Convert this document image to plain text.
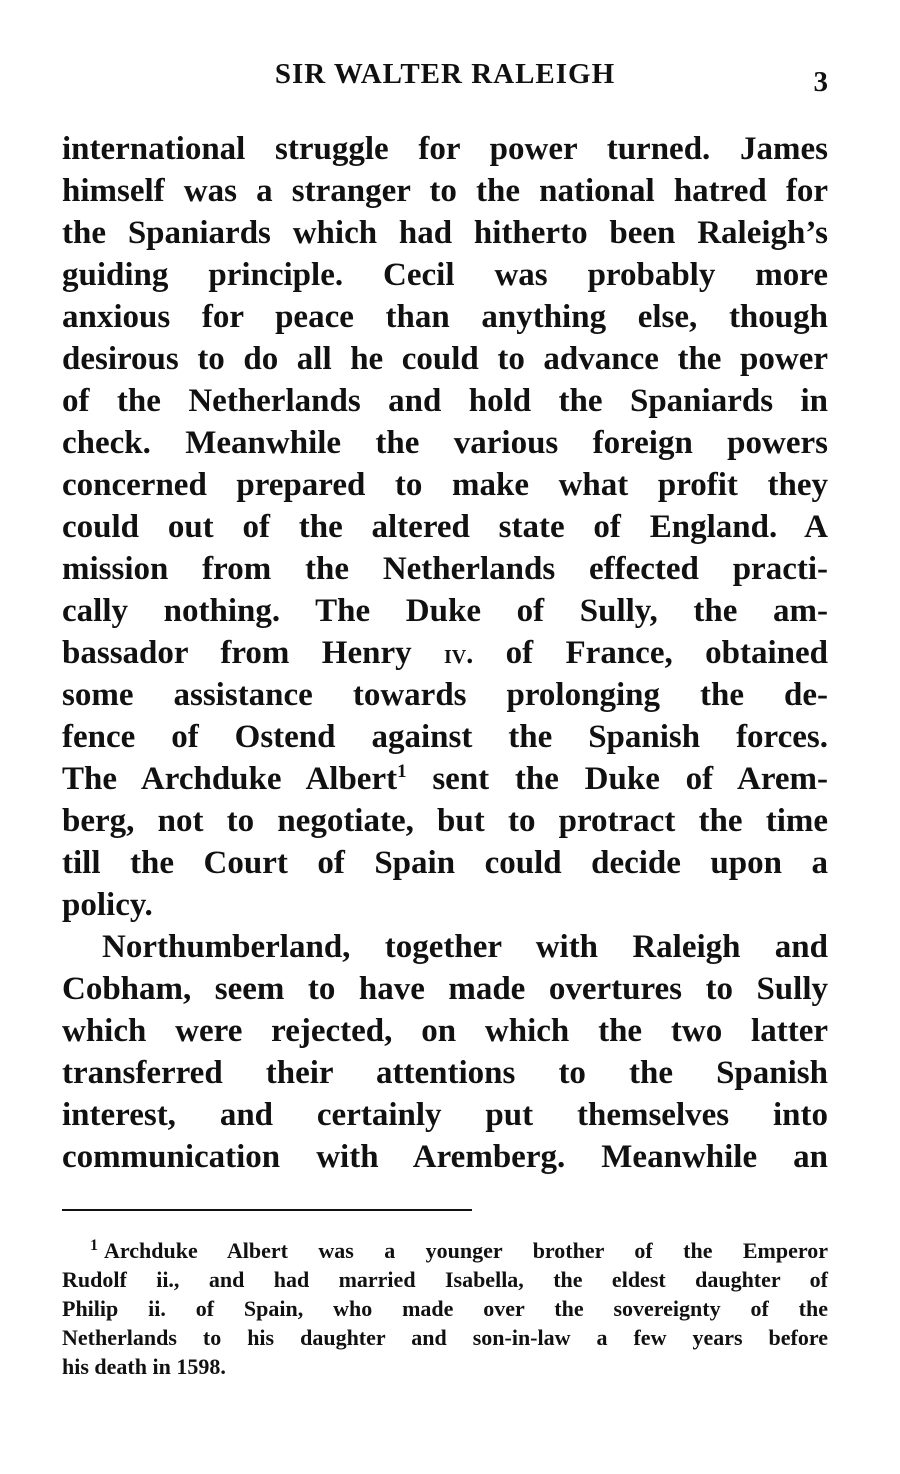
SIR WALTER RALEIGH	3
international struggle for power turned. James
himself was a stranger to the national hatred for
the Spaniards which had hitherto been Raleigh’s
guiding principle. Cecil was probably more
anxious for peace than anything else, though
desirous to do all he could to advance the power
of the Netherlands and hold the Spaniards in
check. Meanwhile the various foreign powers
concerned prepared to make what profit they
could out of the altered state of England. A
mission from the Netherlands effected practi-
cally nothing. The Duke of Sully, the am-
bassador from Henry iv. of France, obtained
some assistance towards prolonging the de-
fence of Ostend against the Spanish forces.
The Archduke Albert$^1$ sent the Duke of Arem-
berg, not to negotiate, but to protract the time
till the Court of Spain could decide upon a
policy.
Northumberland, together with Raleigh and
Cobham, seem to have made overtures to Sully
which were rejected, on which the two latter
transferred their attentions to the Spanish
interest, and certainly put themselves into
communication with Aremberg. Meanwhile an
$^1$ Archduke Albert was a younger brother of the Emperor
Rudolf ii., and had married Isabella, the eldest daughter of
Philip ii. of Spain, who made over the sovereignty of the
Netherlands to his daughter and son-in-law a few years before
his death in 1598.
